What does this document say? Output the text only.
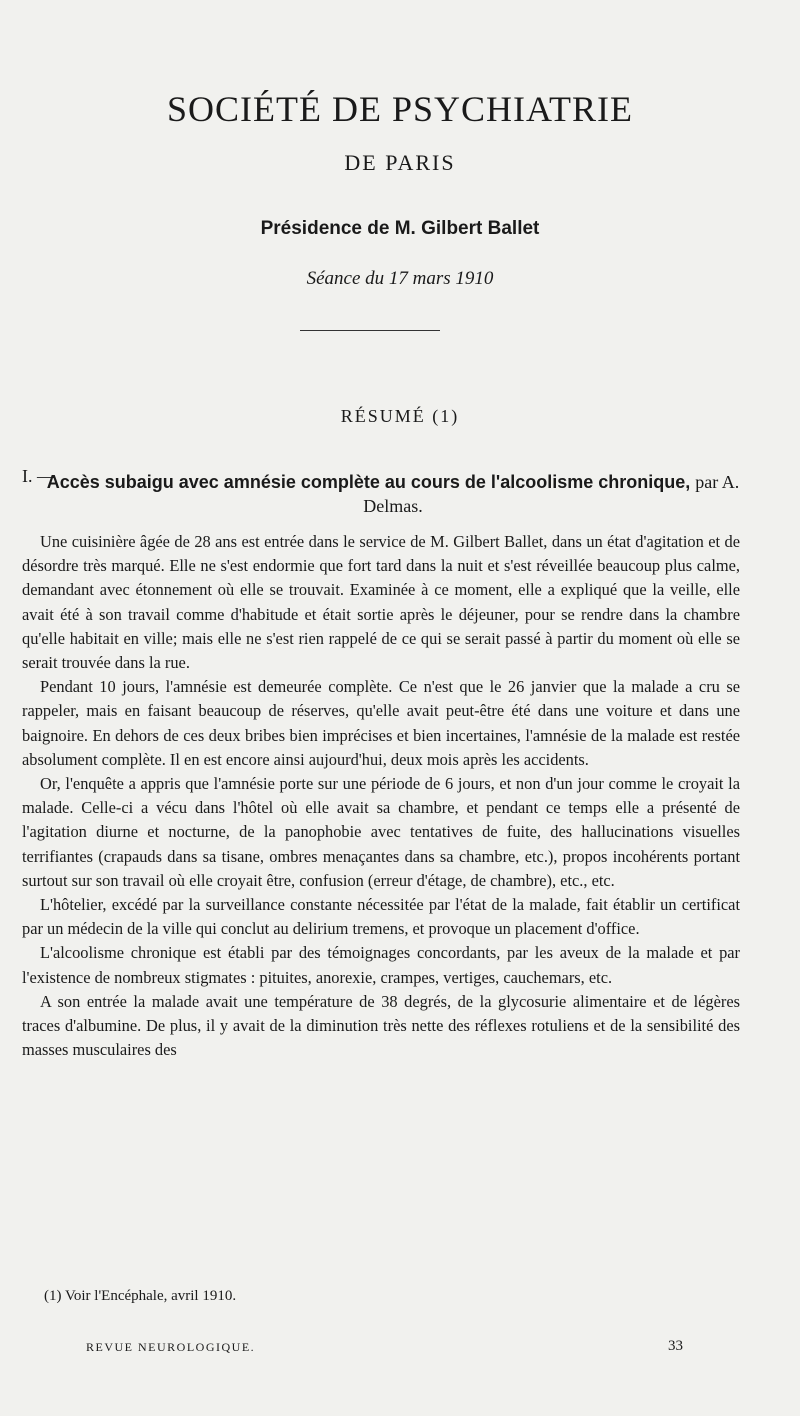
SOCIÉTÉ DE PSYCHIATRIE
DE PARIS
Présidence de M. Gilbert Ballet
Séance du 17 mars 1910
RÉSUMÉ (1)
I. —
Accès subaigu avec amnésie complète au cours de l'alcoolisme chronique, par A. Delmas.

Une cuisinière âgée de 28 ans est entrée dans le service de M. Gilbert Ballet, dans un état d'agitation et de désordre très marqué. Elle ne s'est endormie que fort tard dans la nuit et s'est réveillée beaucoup plus calme, demandant avec étonnement où elle se trouvait. Examinée à ce moment, elle a expliqué que la veille, elle avait été à son travail comme d'habitude et était sortie après le déjeuner, pour se rendre dans la chambre qu'elle habitait en ville; mais elle ne s'est rien rappelé de ce qui se serait passé à partir du moment où elle se serait trouvée dans la rue.

Pendant 10 jours, l'amnésie est demeurée complète. Ce n'est que le 26 janvier que la malade a cru se rappeler, mais en faisant beaucoup de réserves, qu'elle avait peut-être été dans une voiture et dans une baignoire. En dehors de ces deux bribes bien imprécises et bien incertaines, l'amnésie de la malade est restée absolument complète. Il en est encore ainsi aujourd'hui, deux mois après les accidents.

Or, l'enquête a appris que l'amnésie porte sur une période de 6 jours, et non d'un jour comme le croyait la malade. Celle-ci a vécu dans l'hôtel où elle avait sa chambre, et pendant ce temps elle a présenté de l'agitation diurne et nocturne, de la panophobie avec tentatives de fuite, des hallucinations visuelles terrifiantes (crapauds dans sa tisane, ombres menaçantes dans sa chambre, etc.), propos incohérents portant surtout sur son travail où elle croyait être, confusion (erreur d'étage, de chambre), etc., etc.

L'hôtelier, excédé par la surveillance constante nécessitée par l'état de la malade, fait établir un certificat par un médecin de la ville qui conclut au delirium tremens, et provoque un placement d'office.

L'alcoolisme chronique est établi par des témoignages concordants, par les aveux de la malade et par l'existence de nombreux stigmates : pituites, anorexie, crampes, vertiges, cauchemars, etc.

A son entrée la malade avait une température de 38 degrés, de la glycosurie alimentaire et de légères traces d'albumine. De plus, il y avait de la diminution très nette des réflexes rotuliens et de la sensibilité des masses musculaires des

(1) Voir l'Encéphale, avril 1910.
REVUE NEUROLOGIQUE.	33
